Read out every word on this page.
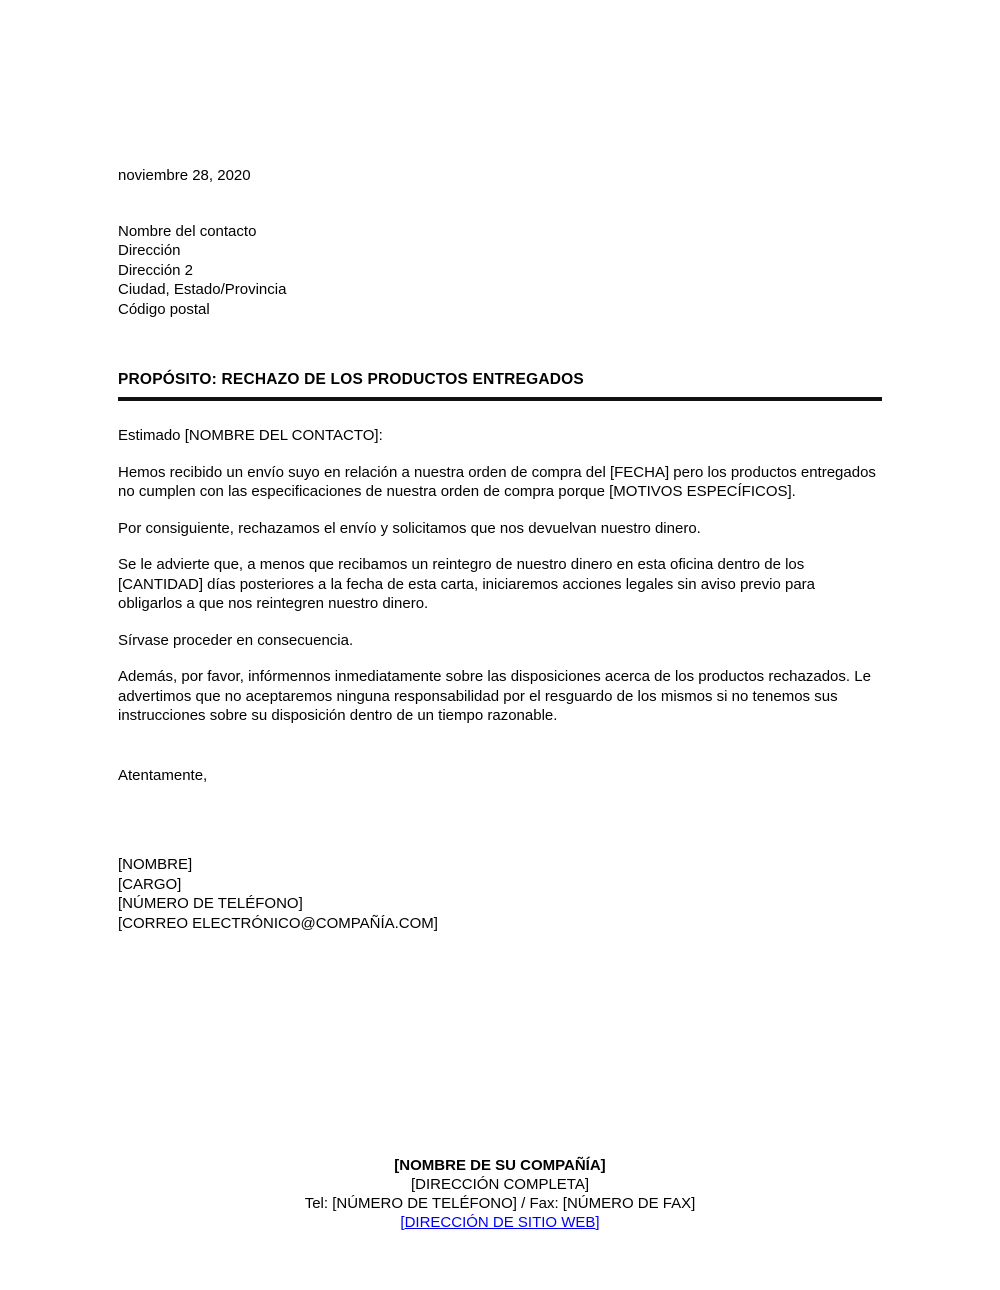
noviembre 28, 2020

Nombre del contacto
Dirección
Dirección 2
Ciudad, Estado/Provincia
Código postal
PROPÓSITO: RECHAZO DE LOS PRODUCTOS ENTREGADOS

Estimado [NOMBRE DEL CONTACTO]:

Hemos recibido un envío suyo en relación a nuestra orden de compra del [FECHA] pero los productos entregados no cumplen con las especificaciones de nuestra orden de compra porque [MOTIVOS ESPECÍFICOS].

Por consiguiente, rechazamos el envío y solicitamos que nos devuelvan nuestro dinero.

Se le advierte que, a menos que recibamos un reintegro de nuestro dinero en esta oficina dentro de los [CANTIDAD] días posteriores a la fecha de esta carta, iniciaremos acciones legales sin aviso previo para obligarlos a que nos reintegren nuestro dinero.

Sírvase proceder en consecuencia.

Además, por favor, infórmennos inmediatamente sobre las disposiciones acerca de los productos rechazados. Le advertimos que no aceptaremos ninguna responsabilidad por el resguardo de los mismos si no tenemos sus instrucciones sobre su disposición dentro de un tiempo razonable.

Atentamente,

[NOMBRE]
[CARGO]
[NÚMERO DE TELÉFONO]
[CORREO ELECTRÓNICO@COMPAÑÍA.COM]
[NOMBRE DE SU COMPAÑÍA]
[DIRECCIÓN COMPLETA]
Tel: [NÚMERO DE TELÉFONO] / Fax: [NÚMERO DE FAX]
[DIRECCIÓN DE SITIO WEB]
